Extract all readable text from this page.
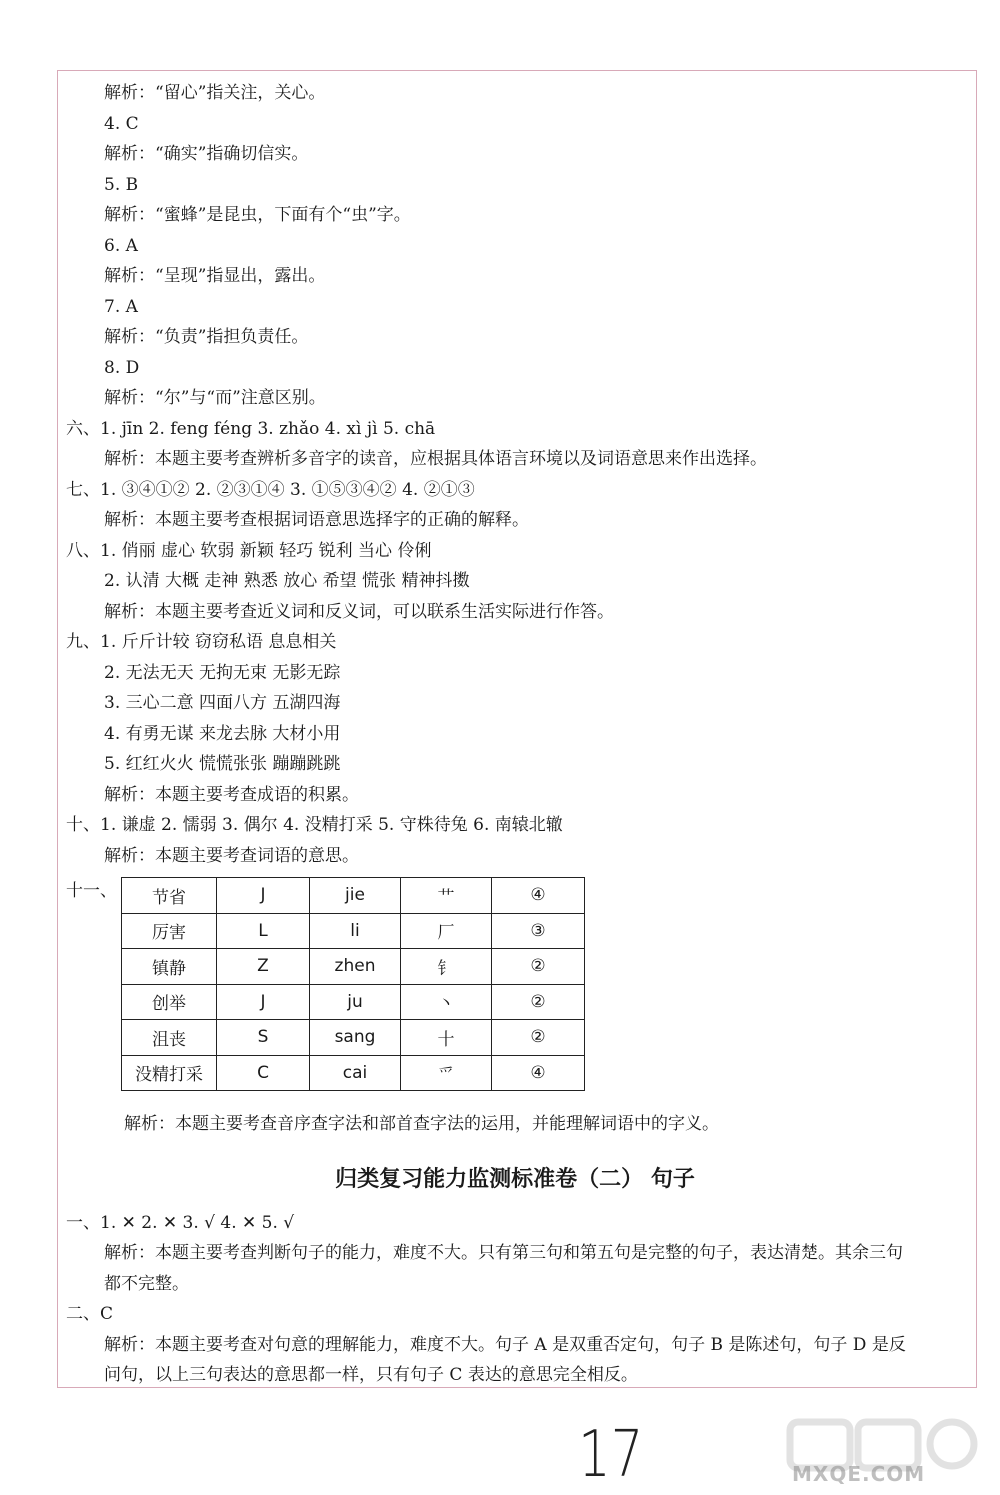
解析：“留心”指关注，关心。
4. C
解析：“确实”指确切信实。
5. B
解析：“蜜蜂”是昆虫，下面有个“虫”字。
6. A
解析：“呈现”指显出，露出。
7. A
解析：“负责”指担负责任。
8. D
解析：“尔”与“而”注意区别。
六、1. jīn 2. feng féng 3. zhǎo 4. xì jì 5. chā
解析：本题主要考查辨析多音字的读音，应根据具体语言环境以及词语意思来作出选择。
七、1. ③④①② 2. ②③①④ 3. ①⑤③④② 4. ②①③
解析：本题主要考查根据词语意思选择字的正确的解释。
八、1. 俏丽 虚心 软弱 新颖 轻巧 锐利 当心 伶俐
2. 认清 大概 走神 熟悉 放心 希望 慌张 精神抖擞
解析：本题主要考查近义词和反义词，可以联系生活实际进行作答。
九、1. 斤斤计较 窃窃私语 息息相关
2. 无法无天 无拘无束 无影无踪
3. 三心二意 四面八方 五湖四海
4. 有勇无谋 来龙去脉 大材小用
5. 红红火火 慌慌张张 蹦蹦跳跳
解析：本题主要考查成语的积累。
十、1. 谦虚 2. 懦弱 3. 偶尔 4. 没精打采 5. 守株待兔 6. 南辕北辙
解析：本题主要考查词语的意思。
十一、 节省	J	jie	艹	④
厉害	L	li	厂	③
镇静	Z	zhen	钅	②
创举	J	ju	丶	②
沮丧	S	sang	十	②
没精打采	C	cai	爫	④
解析：本题主要考查音序查字法和部首查字法的运用，并能理解词语中的字义。
归类复习能力监测标准卷（二） 句子
一、1. ✕ 2. ✕ 3. √ 4. ✕ 5. √
解析：本题主要考查判断句子的能力，难度不大。只有第三句和第五句是完整的句子，表达清楚。其余三句
都不完整。
二、C
解析：本题主要考查对句意的理解能力，难度不大。句子 A 是双重否定句，句子 B 是陈述句，句子 D 是反
问句，以上三句表达的意思都一样，只有句子 C 表达的意思完全相反。
17	MXQE.COM
